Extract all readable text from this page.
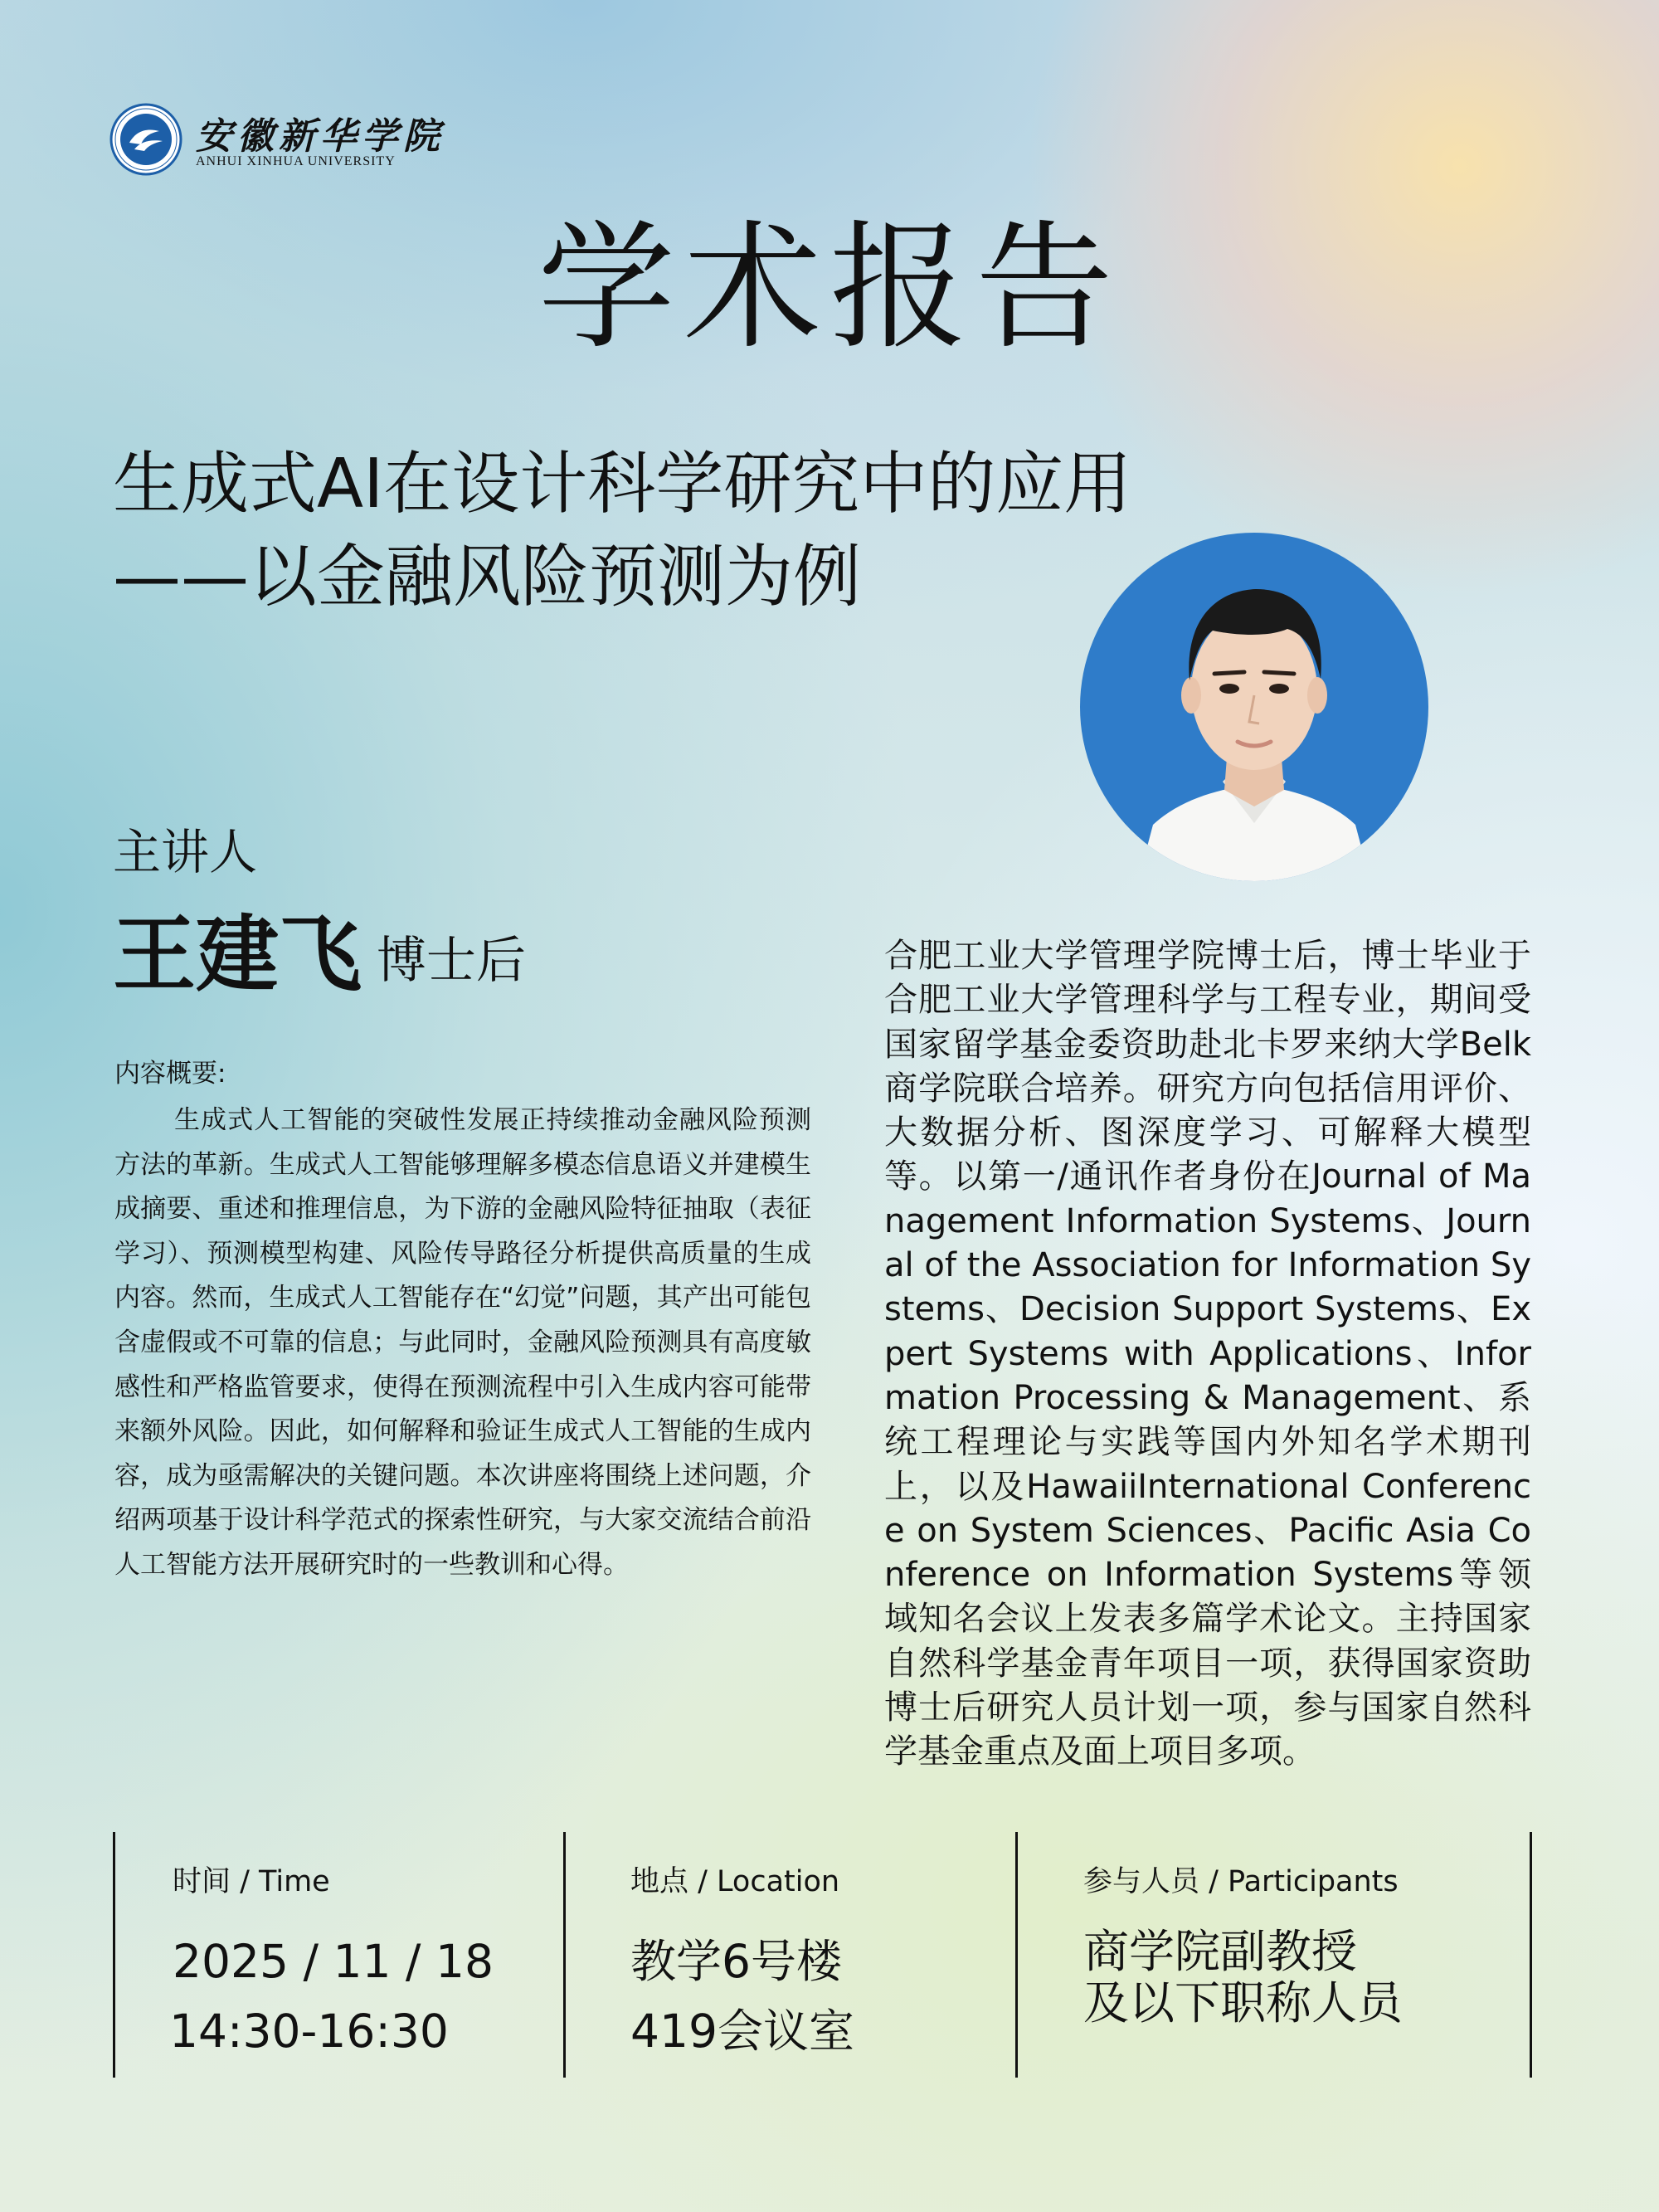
安徽新华学院
ANHUI XINHUA UNIVERSITY
学术报告
生成式AI在设计科学研究中的应用
——以金融风险预测为例
主讲人
王建飞 博士后
内容概要:
生成式人工智能的突破性发展正持续推动金融风险预测方法的革新。生成式人工智能够理解多模态信息语义并建模生成摘要、重述和推理信息，为下游的金融风险特征抽取（表征学习）、预测模型构建、风险传导路径分析提供高质量的生成内容。然而，生成式人工智能存在“幻觉”问题，其产出可能包含虚假或不可靠的信息；与此同时，金融风险预测具有高度敏感性和严格监管要求，使得在预测流程中引入生成内容可能带来额外风险。因此，如何解释和验证生成式人工智能的生成内容，成为亟需解决的关键问题。本次讲座将围绕上述问题，介绍两项基于设计科学范式的探索性研究，与大家交流结合前沿人工智能方法开展研究时的一些教训和心得。
合肥工业大学管理学院博士后，博士毕业于合肥工业大学管理科学与工程专业，期间受国家留学基金委资助赴北卡罗来纳大学Belk商学院联合培养。研究方向包括信用评价、大数据分析、图深度学习、可解释大模型等。以第一/通讯作者身份在Journal of Management Information Systems、Journal of the Association for Information Systems、Decision Support Systems、Expert Systems with Applications、Information Processing & Management、系统工程理论与实践等国内外知名学术期刊上，以及HawaiiInternational Conference on System Sciences、Pacific Asia Conference on Information Systems等领域知名会议上发表多篇学术论文。主持国家自然科学基金青年项目一项，获得国家资助博士后研究人员计划一项，参与国家自然科学基金重点及面上项目多项。
时间 / Time
2025 / 11 / 18
14:30-16:30
地点 / Location
教学6号楼
419会议室
参与人员 / Participants
商学院副教授
及以下职称人员
